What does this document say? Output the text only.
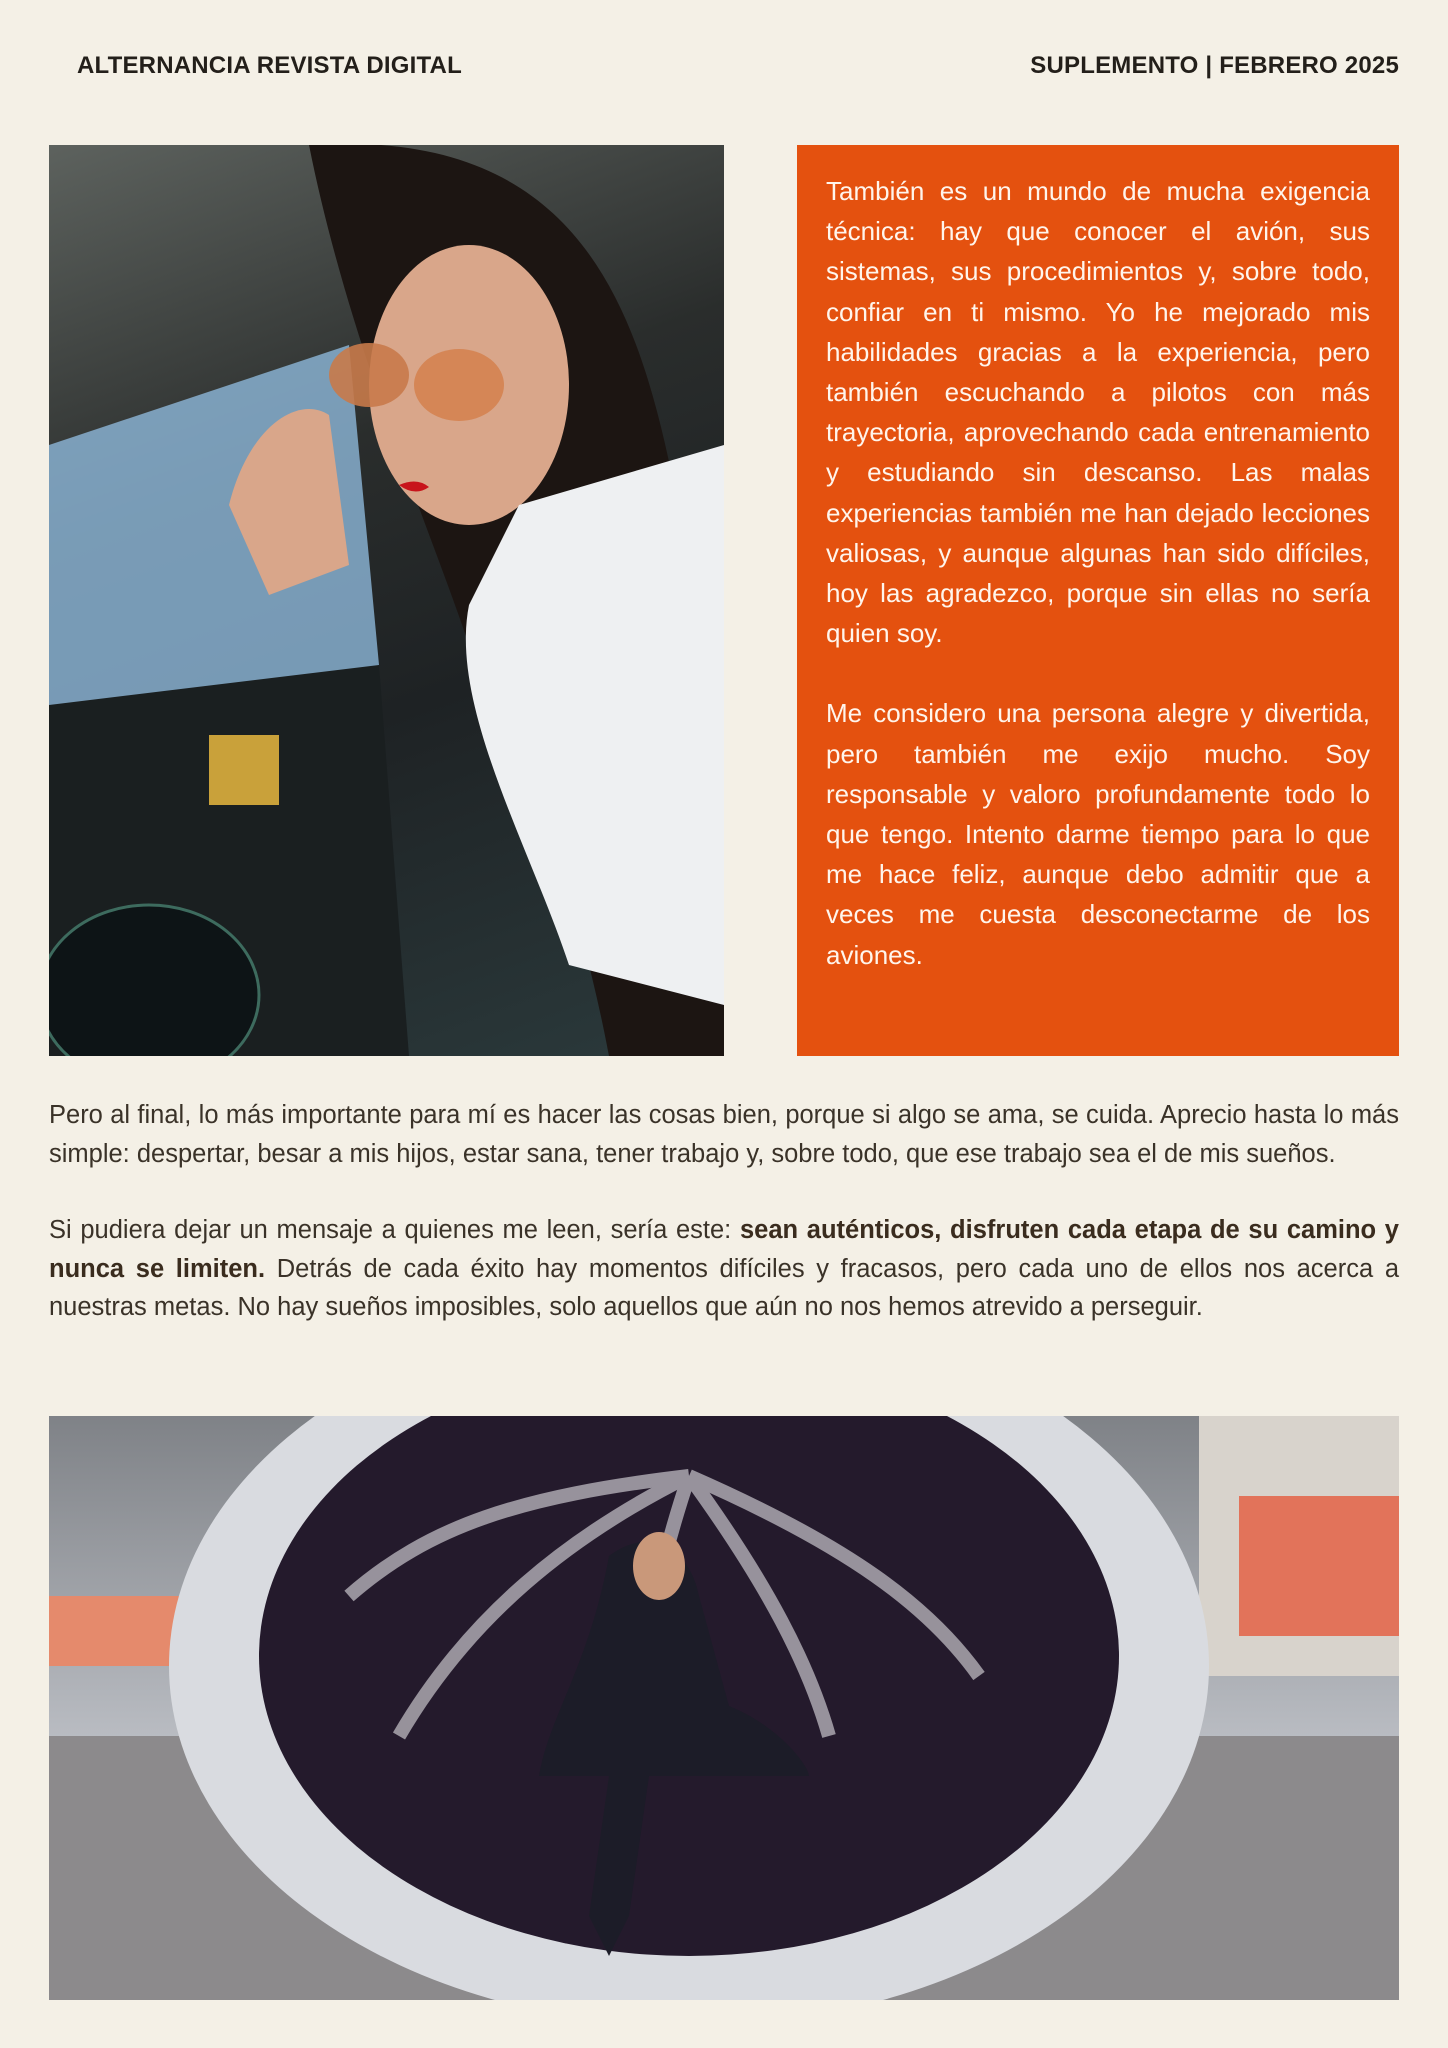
ALTERNANCIA REVISTA DIGITAL	SUPLEMENTO | FEBRERO 2025

También es un mundo de mucha exigencia técnica: hay que conocer el avión, sus sistemas, sus procedimientos y, sobre todo, confiar en ti mismo. Yo he mejorado mis habilidades gracias a la experiencia, pero también escuchando a pilotos con más trayectoria, aprovechando cada entrenamiento y estudiando sin descanso. Las malas experiencias también me han dejado lecciones valiosas, y aunque algunas han sido difíciles, hoy las agradezco, porque sin ellas no sería quien soy.

Me considero una persona alegre y divertida, pero también me exijo mucho. Soy responsable y valoro profundamente todo lo que tengo. Intento darme tiempo para lo que me hace feliz, aunque debo admitir que a veces me cuesta desconectarme de los aviones.

Pero al final, lo más importante para mí es hacer las cosas bien, porque si algo se ama, se cuida. Aprecio hasta lo más simple: despertar, besar a mis hijos, estar sana, tener trabajo y, sobre todo, que ese trabajo sea el de mis sueños.

Si pudiera dejar un mensaje a quienes me leen, sería este: sean auténticos, disfruten cada etapa de su camino y nunca se limiten. Detrás de cada éxito hay momentos difíciles y fracasos, pero cada uno de ellos nos acerca a nuestras metas. No hay sueños imposibles, solo aquellos que aún no nos hemos atrevido a perseguir.
